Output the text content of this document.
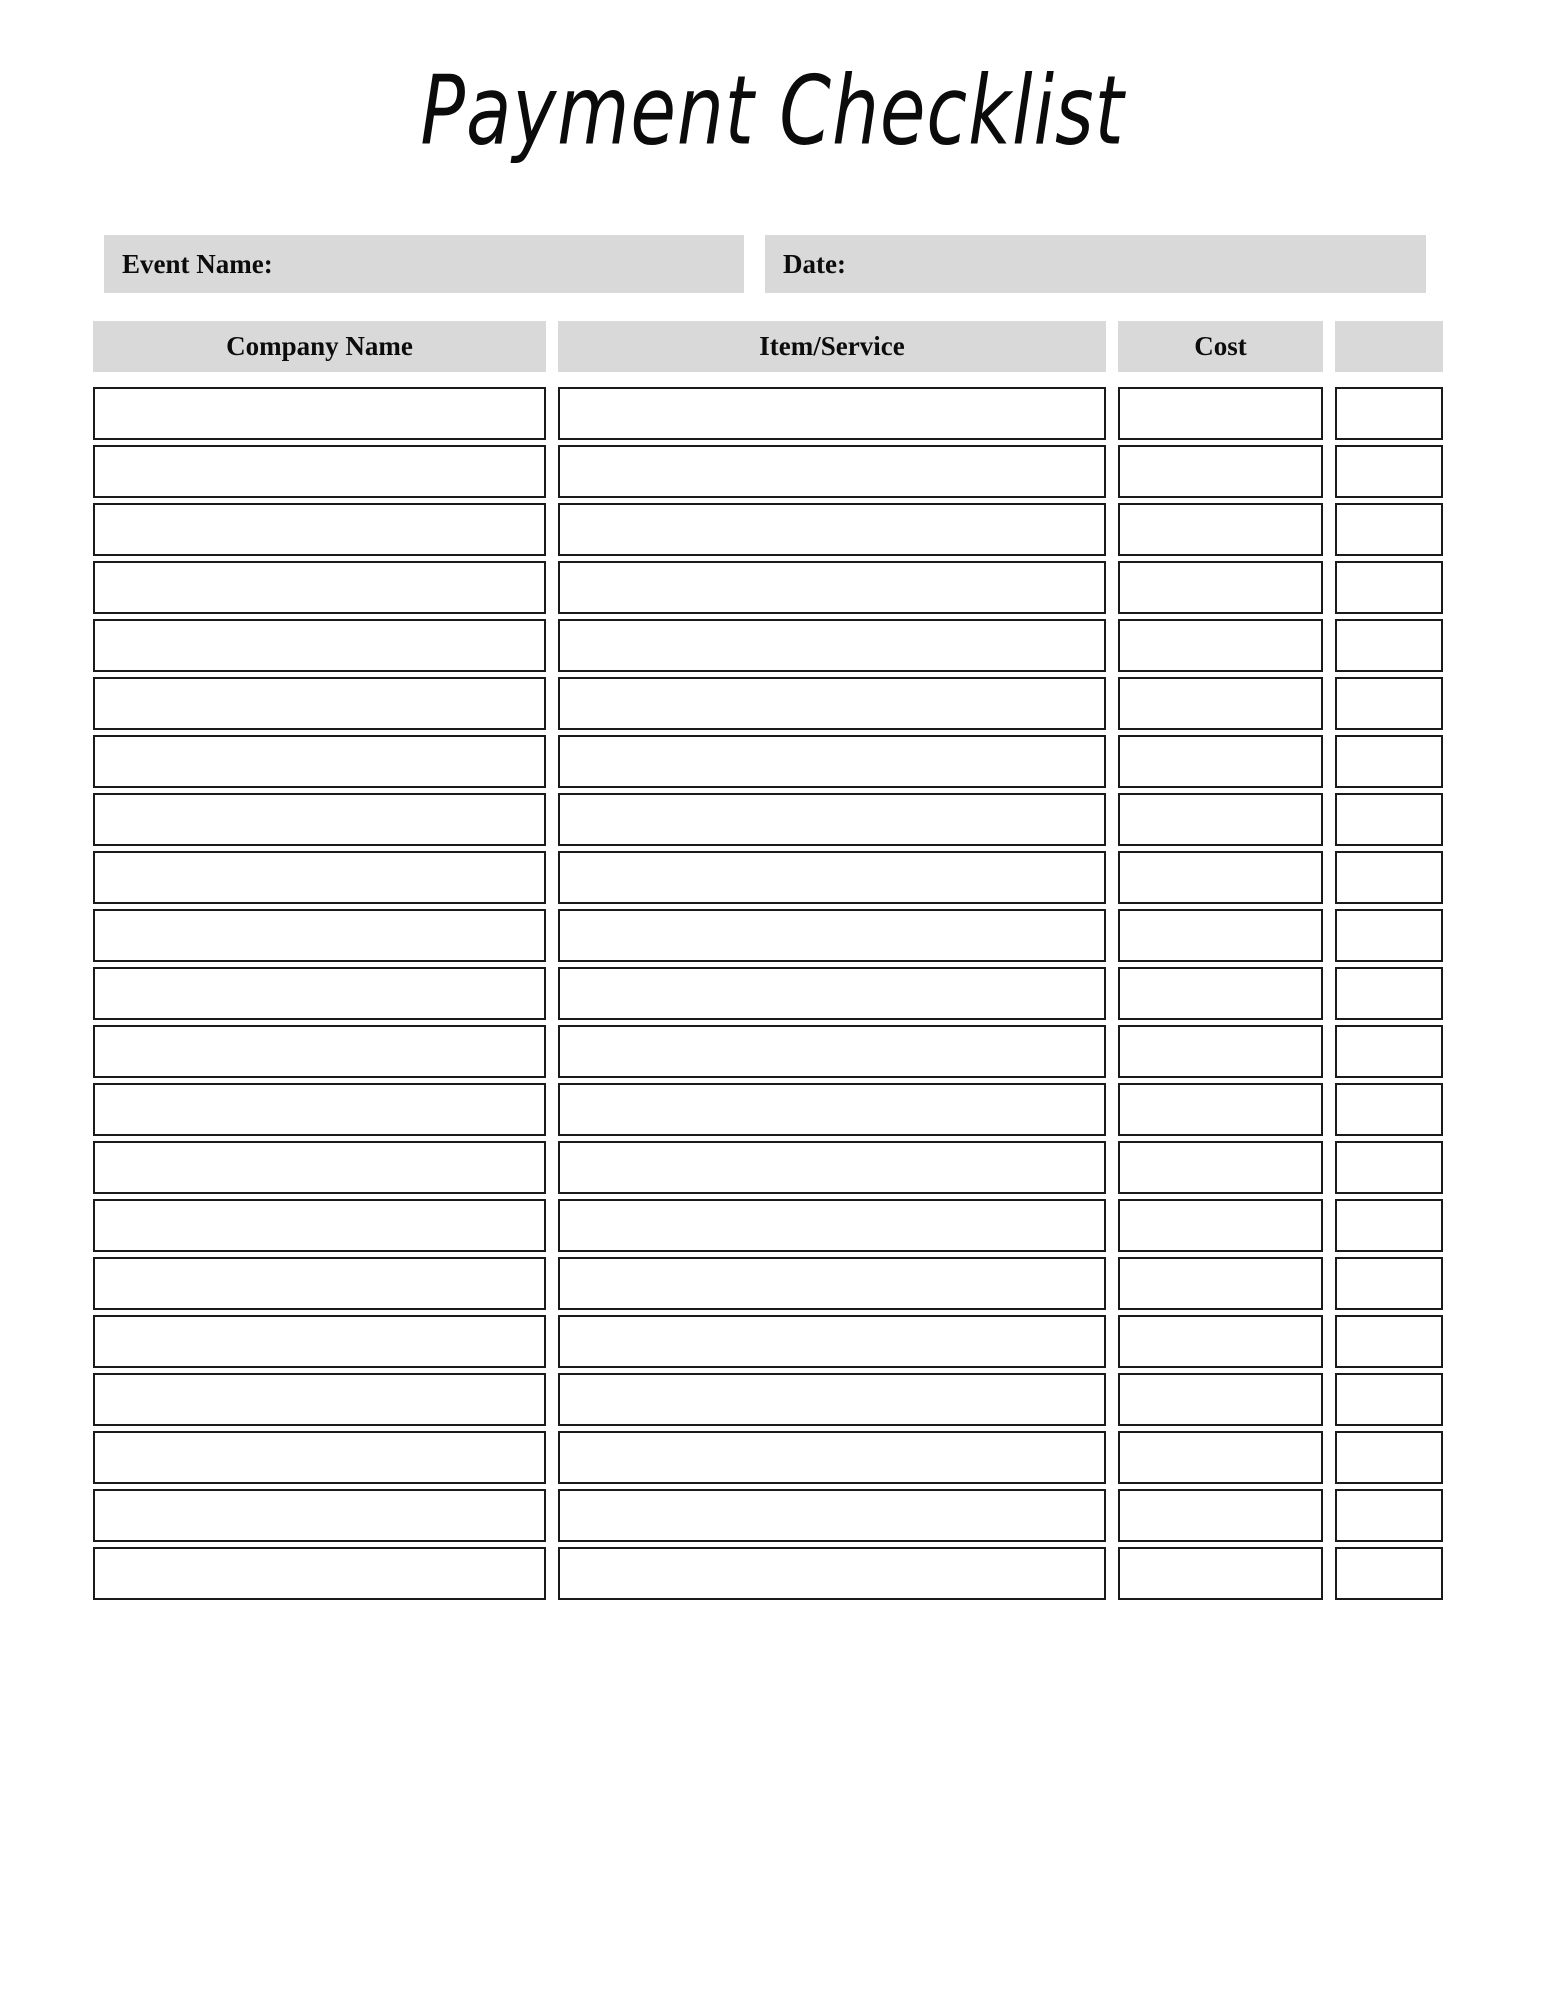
Payment Checklist
Event Name:	Date:
Company Name	Item/Service	Cost
